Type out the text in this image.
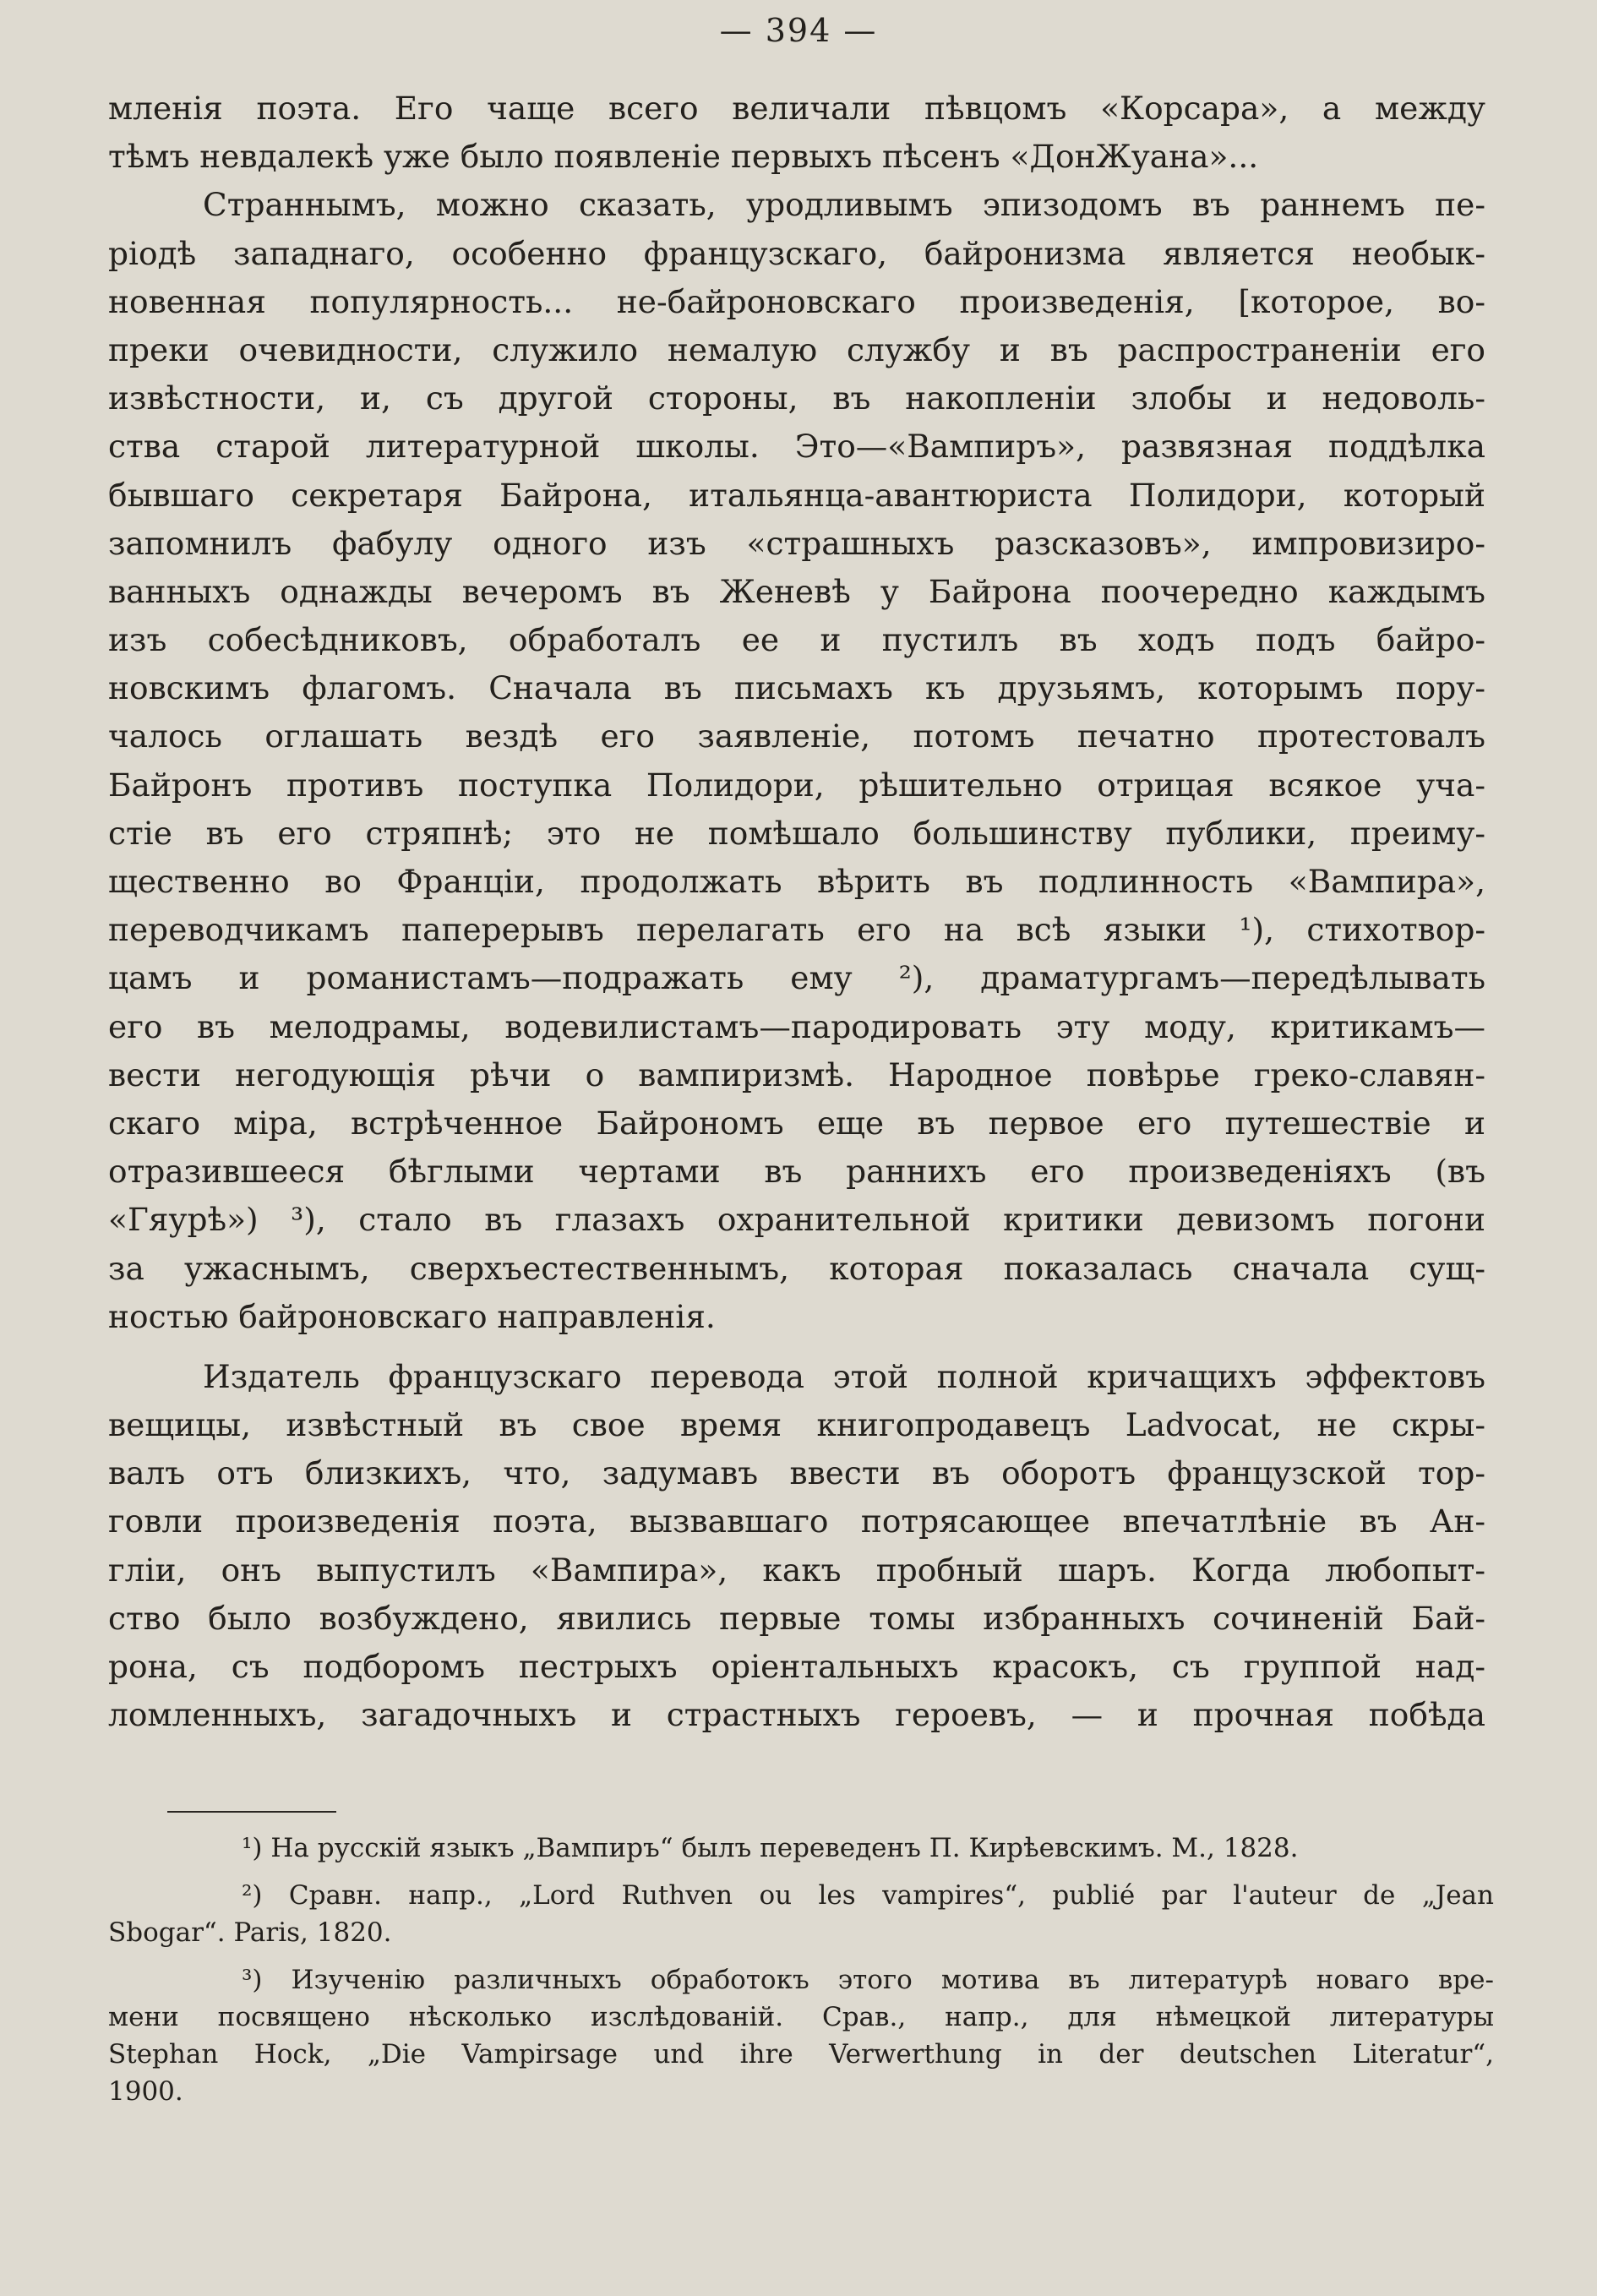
— 394 —
мленія поэта. Его чаще всего величали пѣвцомъ «Корсара», а между
тѣмъ невдалекѣ уже было появленіе первыхъ пѣсенъ «ДонЖуана»...
Страннымъ, можно сказать, уродливымъ эпизодомъ въ раннемъ пе-
ріодѣ западнаго, особенно французскаго, байронизма является необык-
новенная популярность... не-байроновскаго произведенія, [которое, во-
преки очевидности, служило немалую службу и въ распространеніи его
извѣстности, и, съ другой стороны, въ накопленіи злобы и недоволь-
ства старой литературной школы. Это—«Вампиръ», развязная поддѣлка
бывшаго секретаря Байрона, итальянца-авантюриста Полидори, который
запомнилъ фабулу одного изъ «страшныхъ разсказовъ», импровизиро-
ванныхъ однажды вечеромъ въ Женевѣ у Байрона поочередно каждымъ
изъ собесѣдниковъ, обработалъ ее и пустилъ въ ходъ подъ байро-
новскимъ флагомъ. Сначала въ письмахъ къ друзьямъ, которымъ пору-
чалось оглашать вездѣ его заявленіе, потомъ печатно протестовалъ
Байронъ противъ поступка Полидори, рѣшительно отрицая всякое уча-
стіе въ его стряпнѣ; это не помѣшало большинству публики, преиму-
щественно во Франціи, продолжать вѣрить въ подлинность «Вампира»,
переводчикамъ паперерывъ перелагать его на всѣ языки ¹), стихотвор-
цамъ и романистамъ—подражать ему ²), драматургамъ—передѣлывать
его въ мелодрамы, водевилистамъ—пародировать эту моду, критикамъ—
вести негодующія рѣчи о вампиризмѣ. Народное повѣрье греко-славян-
скаго міра, встрѣченное Байрономъ еще въ первое его путешествіе и
отразившееся бѣглыми чертами въ раннихъ его произведеніяхъ (въ
«Гяурѣ») ³), стало въ глазахъ охранительной критики девизомъ погони
за ужаснымъ, сверхъестественнымъ, которая показалась сначала сущ-
ностью байроновскаго направленія.
Издатель французскаго перевода этой полной кричащихъ эффектовъ
вещицы, извѣстный въ свое время книгопродавецъ Ladvocat, не скры-
валъ отъ близкихъ, что, задумавъ ввести въ оборотъ французской тор-
говли произведенія поэта, вызвавшаго потрясающее впечатлѣніе въ Ан-
гліи, онъ выпустилъ «Вампира», какъ пробный шаръ. Когда любопыт-
ство было возбуждено, явились первые томы избранныхъ сочиненій Бай-
рона, съ подборомъ пестрыхъ оріентальныхъ красокъ, съ группой над-
ломленныхъ, загадочныхъ и страстныхъ героевъ, — и прочная побѣда
¹) На русскій языкъ „Вампиръ“ былъ переведенъ П. Кирѣевскимъ. М., 1828.
²) Сравн. напр., „Lord Ruthven ou les vampires“, publié par l'auteur de „Jean
Sbogar“. Paris, 1820.
³) Изученію различныхъ обработокъ этого мотива въ литературѣ новаго вре-
мени посвящено нѣсколько изслѣдованій. Срав., напр., для нѣмецкой литературы
Stephan Hock, „Die Vampirsage und ihre Verwerthung in der deutschen Literatur“,
1900.
